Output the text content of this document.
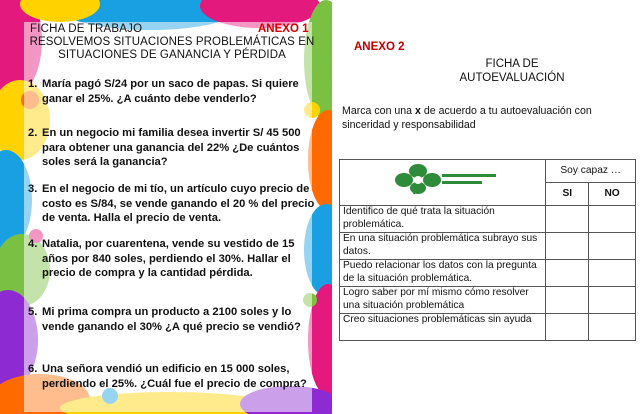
FICHA DE TRABAJO	ANEXO 1
RESOLVEMOS SITUACIONES PROBLEMÁTICAS EN
SITUACIONES DE GANANCIA Y PÉRDIDA
1. María pagó S/24 por un saco de papas. Si quiere ganar el 25%. ¿A cuánto debe venderlo?
2. En un negocio mi familia desea invertir S/ 45 500 para obtener una ganancia del 22% ¿De cuántos soles será la ganancia?
3. En el negocio de mi tío, un artículo cuyo precio de costo es S/84, se vende ganando el 20 % del precio de venta. Halla el precio de venta.
4. Natalia, por cuarentena, vende su vestido de 15 años por 840 soles, perdiendo el 30%. Hallar el precio de compra y la cantidad pérdida.
5. Mi prima compra un producto a 2100 soles y lo vende ganando el 30% ¿A qué precio se vendió?
6. Una señora vendió un edificio en 15 000 soles, perdiendo el 25%. ¿Cuál fue el precio de compra?
ANEXO 2
FICHA DE
AUTOEVALUACIÓN
Marca con una x de acuerdo a tu autoevaluación con sinceridad y responsabilidad
	Soy capaz …	
	SI	NO
Identifico de qué trata la situación problemática.		
En una situación problemática subrayo sus datos.		
Puedo relacionar los datos con la pregunta de la situación problemática.		
Logro saber por mí mismo cómo resolver una situación problemática		
Creo situaciones problemáticas sin ayuda		
